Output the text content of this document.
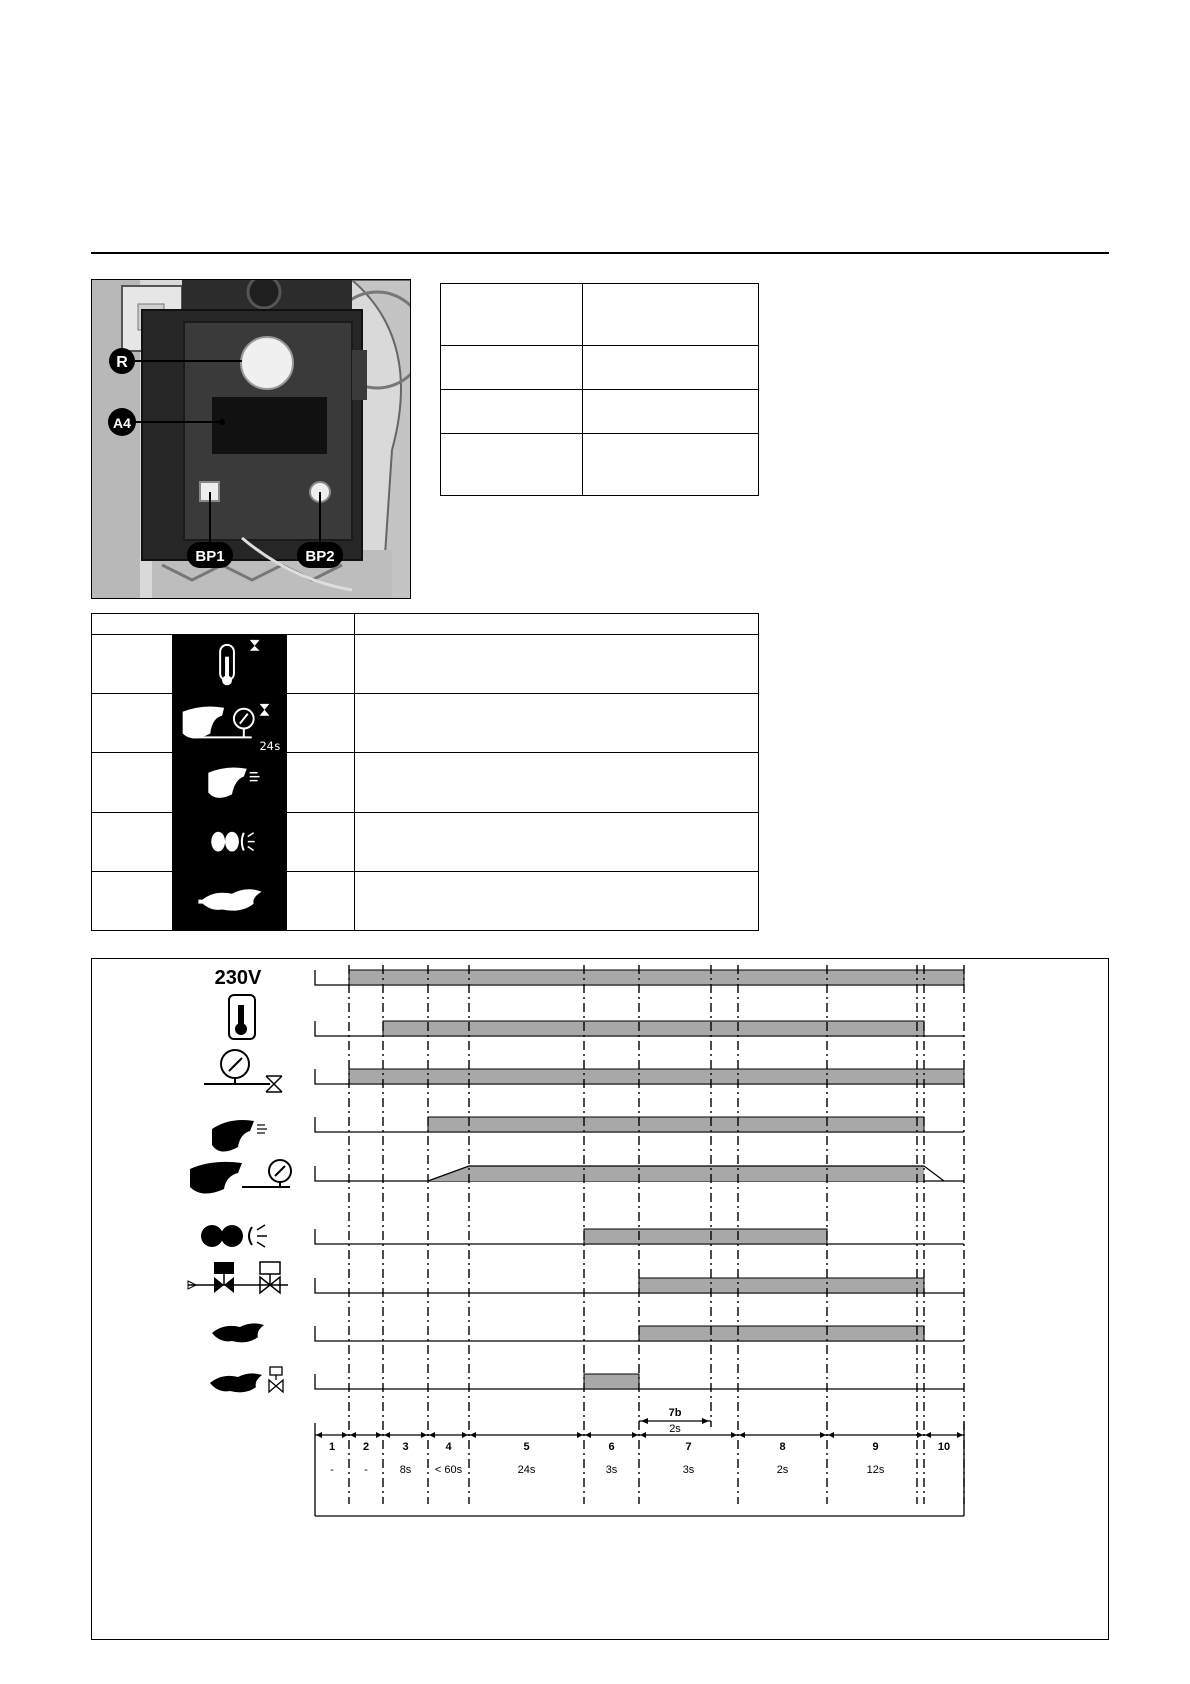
R
A4
BP1	BP2

24s	

1
-
2
-
3
8s
4
< 60s
5
24s
6
3s
7
3s
8
2s
9
12s
10
230V
7b
2s
